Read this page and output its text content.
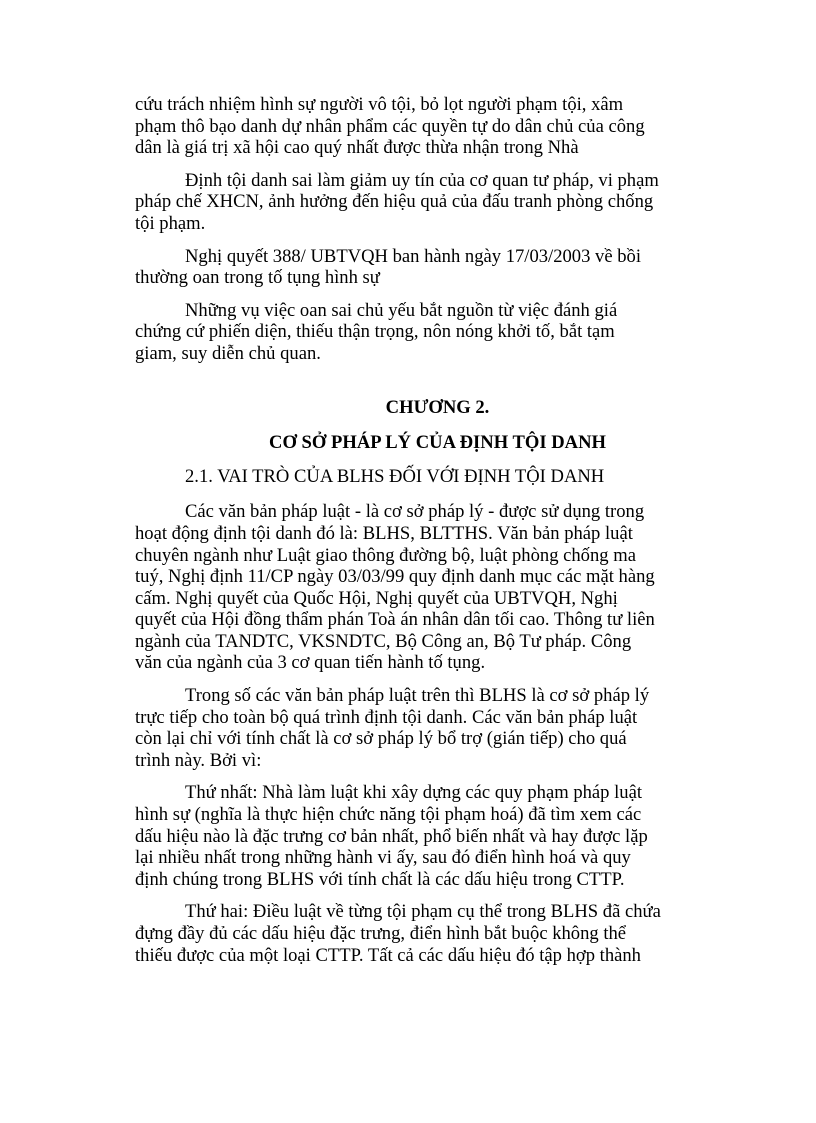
cứu trách nhiệm hình sự người vô tội, bỏ lọt người phạm tội, xâm
phạm thô bạo danh dự nhân phẩm các quyền tự do dân chủ của công
dân là giá trị xã hội cao quý nhất được thừa nhận trong Nhà

Định tội danh sai làm giảm uy tín của cơ quan tư pháp, vi phạm
pháp chế XHCN, ảnh hưởng đến hiệu quả của đấu tranh phòng chống
tội phạm.

Nghị quyết 388/ UBTVQH ban hành ngày 17/03/2003 về bồi
thường oan trong tố tụng hình sự

Những vụ việc oan sai chủ yếu bắt nguồn từ việc đánh giá
chứng cứ phiến diện, thiếu thận trọng, nôn nóng khởi tố, bắt tạm
giam, suy diễn chủ quan.

CHƯƠNG 2.

CƠ SỞ PHÁP LÝ CỦA ĐỊNH TỘI DANH

2.1. VAI TRÒ CỦA BLHS ĐỐI VỚI ĐỊNH TỘI DANH

Các văn bản pháp luật - là cơ sở pháp lý - được sử dụng trong
hoạt động định tội danh đó là: BLHS, BLTTHS. Văn bản pháp luật
chuyên ngành như Luật giao thông đường bộ, luật phòng chống ma
tuý, Nghị định 11/CP ngày 03/03/99 quy định danh mục các mặt hàng
cấm. Nghị quyết của Quốc Hội, Nghị quyết của UBTVQH, Nghị
quyết của Hội đồng thẩm phán Toà án nhân dân tối cao. Thông tư liên
ngành của TANDTC, VKSNDTC, Bộ Công an, Bộ Tư pháp. Công
văn của ngành của 3 cơ quan tiến hành tố tụng.

Trong số các văn bản pháp luật trên thì BLHS là cơ sở pháp lý
trực tiếp cho toàn bộ quá trình định tội danh. Các văn bản pháp luật
còn lại chỉ với tính chất là cơ sở pháp lý bổ trợ (gián tiếp) cho quá
trình này. Bởi vì:

Thứ nhất: Nhà làm luật khi xây dựng các quy phạm pháp luật
hình sự (nghĩa là thực hiện chức năng tội phạm hoá) đã tìm xem các
dấu hiệu nào là đặc trưng cơ bản nhất, phổ biến nhất và hay được lặp
lại nhiều nhất trong những hành vi ấy, sau đó điển hình hoá và quy
định chúng trong BLHS với tính chất là các dấu hiệu trong CTTP.

Thứ hai: Điều luật về từng tội phạm cụ thể trong BLHS đã chứa
đựng đầy đủ các dấu hiệu đặc trưng, điển hình bắt buộc không thể
thiếu được của một loại CTTP. Tất cả các dấu hiệu đó tập hợp thành
